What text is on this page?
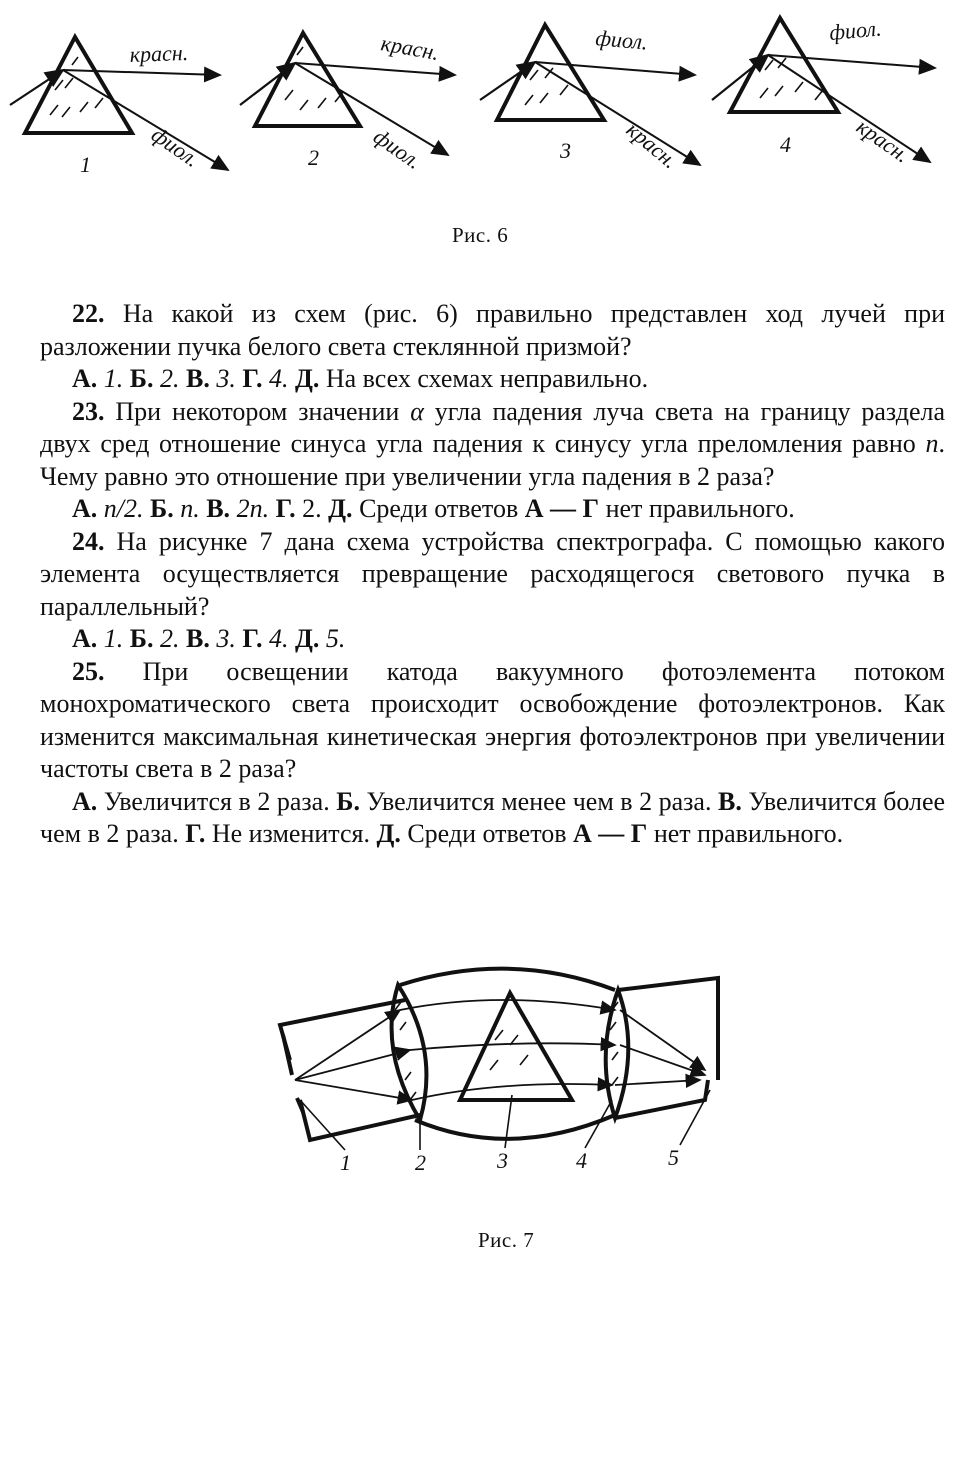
красн.
фиол.
1
красн.
фиол.
2
фиол.
красн.
3
фиол.
красн.
4
Рис. 6

22. На какой из схем (рис. 6) правильно представлен ход лучей при разложении пучка белого света стеклянной призмой?

А. 1. Б. 2. В. 3. Г. 4. Д. На всех схемах неправильно.

23. При некотором значении α угла падения луча света на границу раздела двух сред отношение синуса угла падения к синусу угла преломления равно n. Чему равно это отношение при увеличении угла падения в 2 раза?

А. n/2. Б. n. В. 2n. Г. 2. Д. Среди ответов А — Г нет правильного.

24. На рисунке 7 дана схема устройства спектрографа. С помощью какого элемента осуществляется превращение расходящегося светового пучка в параллельный?

А. 1. Б. 2. В. 3. Г. 4. Д. 5.

25. При освещении катода вакуумного фотоэлемента потоком монохроматического света происходит освобождение фотоэлектронов. Как изменится максимальная кинетическая энергия фотоэлектронов при увеличении частоты света в 2 раза?

А. Увеличится в 2 раза. Б. Увеличится менее чем в 2 раза. В. Увеличится более чем в 2 раза. Г. Не изменится. Д. Среди ответов А — Г нет правильного.

1	2	3	4	5
Рис. 7
